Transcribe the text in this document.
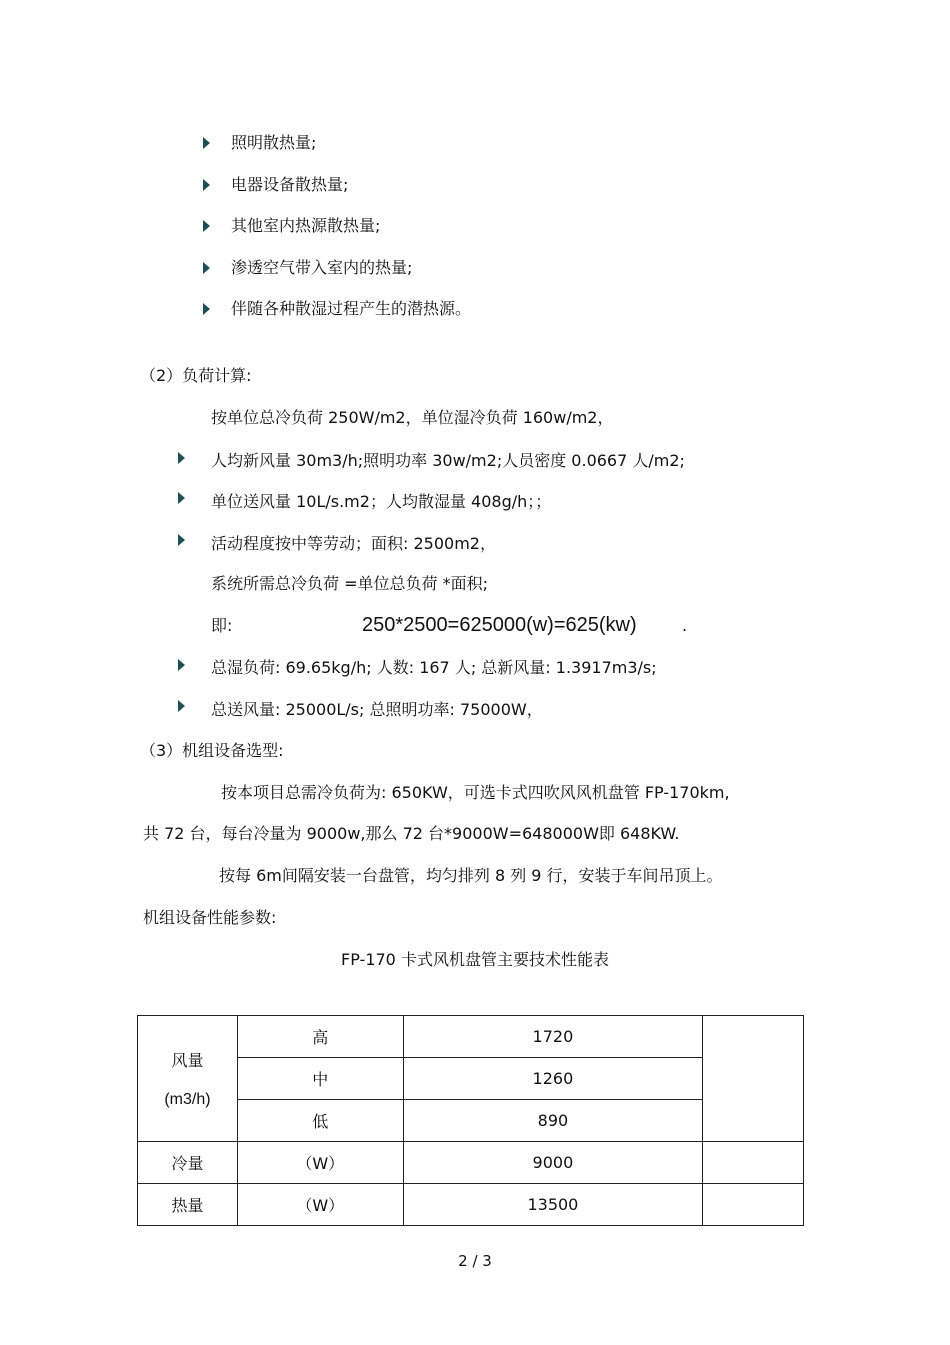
照明散热量;
电器设备散热量;
其他室内热源散热量;
渗透空气带入室内的热量;
伴随各种散湿过程产生的潜热源。
（2）负荷计算:
按单位总冷负荷 250W/m2，单位湿冷负荷 160w/m2，
人均新风量 30m3/h;照明功率 30w/m2;人员密度 0.0667 人/m2;
单位送风量 10L/s.m2；人均散湿量 408g/h；；
活动程度按中等劳动；面积: 2500m2，
系统所需总冷负荷 =单位总负荷 *面积;
即:	250*2500=625000(w)=625(kw)	.
总湿负荷: 69.65kg/h; 人数: 167 人; 总新风量: 1.3917m3/s;
总送风量: 25000L/s; 总照明功率: 75000W，
（3）机组设备选型:
按本项目总需冷负荷为: 650KW，可选卡式四吹风风机盘管 FP-170km,
共 72 台，每台冷量为 9000w,那么 72 台*9000W=648000W即 648KW.
按每 6m间隔安装一台盘管，均匀排列 8 列 9 行，安装于车间吊顶上。
机组设备性能参数:
FP-170 卡式风机盘管主要技术性能表
风量
(m3/h)	高	1720	
	中	1260	
	低	890	
冷量	（W）	9000	
热量	（W）	13500	
2 / 3
